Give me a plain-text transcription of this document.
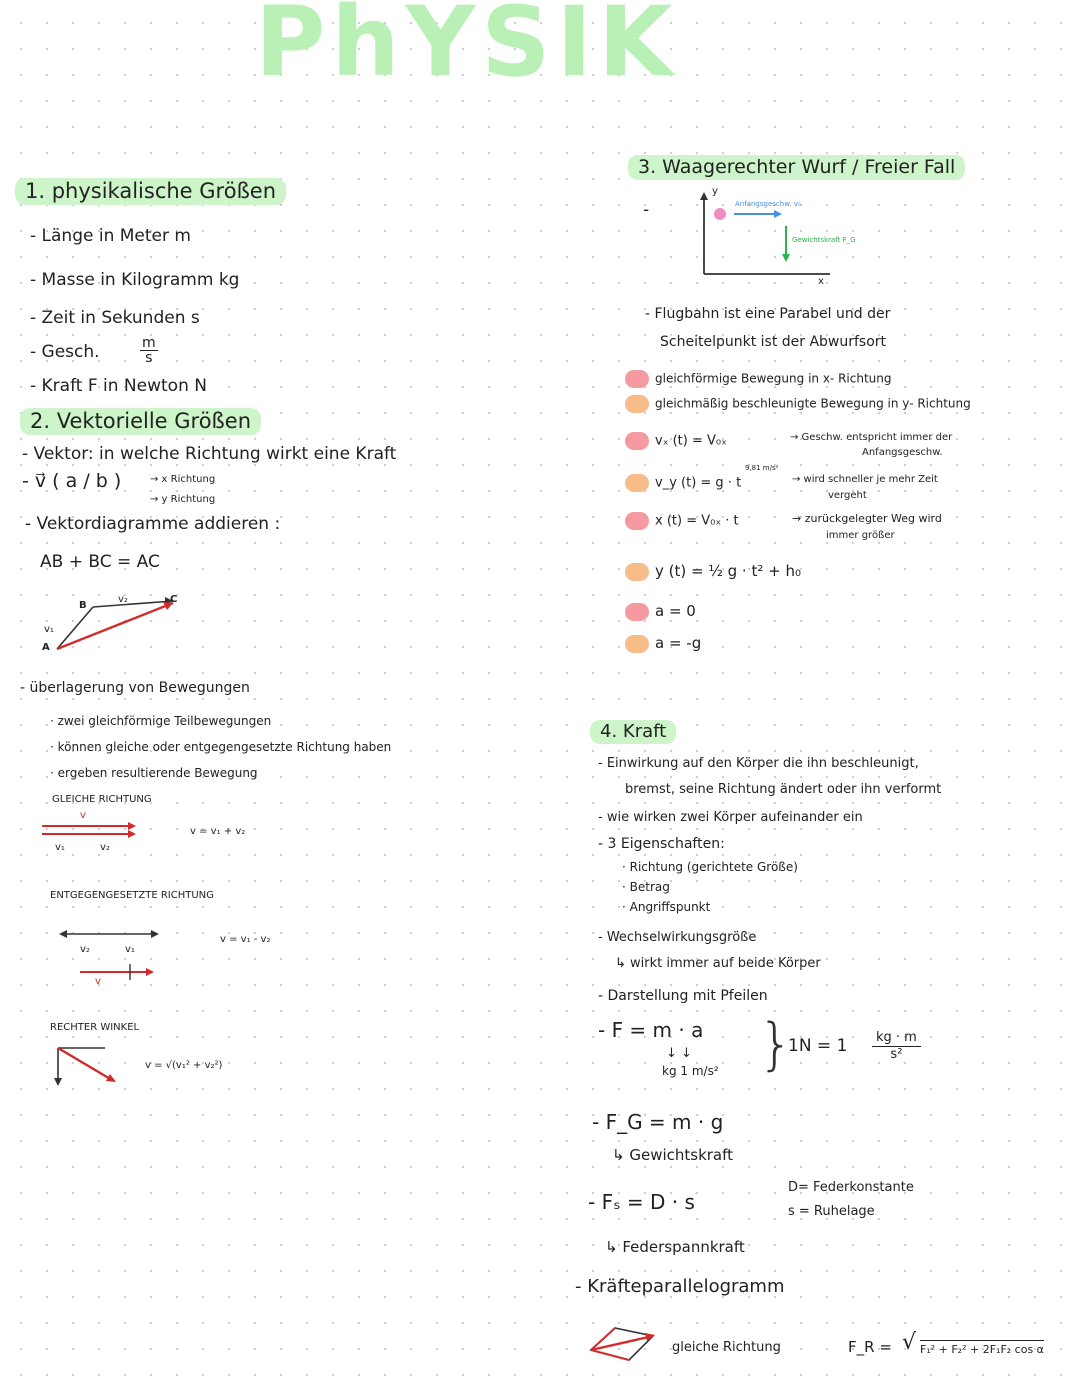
PhYSIK
1. physikalische Größen
- Länge in Meter m
- Masse in Kilogramm kg
- Zeit in Sekunden s
- Gesch.	$\frac{m}{s}$
- Kraft F in Newton N
2. Vektorielle Größen
- Vektor: in welche Richtung wirkt eine Kraft
- v⃗ ( a / b )	→ x Richtung
→ y Richtung
- Vektordiagramme addieren :
AB + BC = AC
B
C
A
v₁
v₂
- überlagerung von Bewegungen
· zwei gleichförmige Teilbewegungen
· können gleiche oder entgegengesetzte Richtung haben
· ergeben resultierende Bewegung
GLEICHE RICHTUNG
v
v₁	v₂
v = v₁ + v₂
ENTGEGENGESETZTE RICHTUNG
v₂	v₁
v
v = v₁ - v₂
RECHTER WINKEL
v = √(v₁² + v₂²)
3. Waagerechter Wurf / Freier Fall
y
x
Anfangsgeschw. v₀
Gewichtskraft F_G
-
- Flugbahn ist eine Parabel und der
Scheitelpunkt ist der Abwurfsort
gleichförmige Bewegung in x- Richtung
gleichmäßig beschleunigte Bewegung in y- Richtung
vₓ (t) = V₀ₓ	→ Geschw. entspricht immer der
Anfangsgeschw.
9,81 m/s²
v_y (t) = g · t	→ wird schneller je mehr Zeit
vergeht
x (t) = V₀ₓ · t	→ zurückgelegter Weg wird
immer größer
y (t) = ½ g · t² + h₀
a = 0
a = -g
4. Kraft
- Einwirkung auf den Körper die ihn beschleunigt,
bremst, seine Richtung ändert oder ihn verformt
- wie wirken zwei Körper aufeinander ein
- 3 Eigenschaften:
· Richtung (gerichtete Größe)
· Betrag
· Angriffspunkt
- Wechselwirkungsgröße
↳ wirkt immer auf beide Körper
- Darstellung mit Pfeilen
- F = m · a
↓ ↓
kg 1 m/s² }
$1N = 1 \frac{kg \cdot m}{\text{s²}}$
- F_G = m · g
↳ Gewichtskraft
- Fₛ = D · s
D= Federkonstante
s = Ruhelage
↳ Federspannkraft
- Kräfteparallelogramm
gleiche Richtung	F_R = √ F₁² + F₂² + 2F₁F₂ cos α
